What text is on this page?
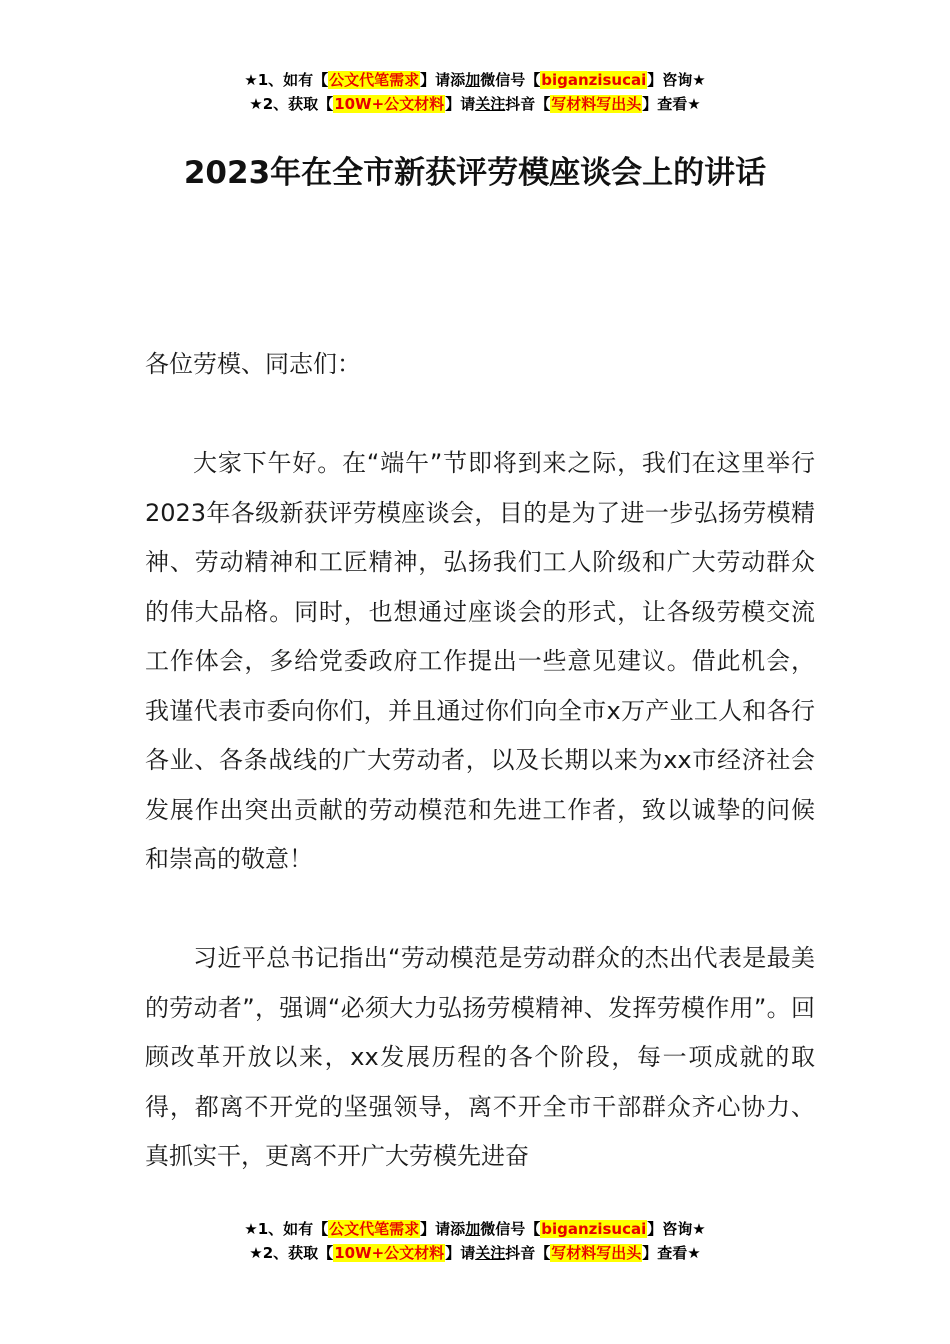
★1、如有【公文代笔需求】请添加微信号【biganzisucai】咨询★
★2、获取【10W+公文材料】请关注抖音【写材料写出头】查看★
2023年在全市新获评劳模座谈会上的讲话

各位劳模、同志们：

大家下午好。在“端午”节即将到来之际，我们在这里举行2023年各级新获评劳模座谈会，目的是为了进一步弘扬劳模精神、劳动精神和工匠精神，弘扬我们工人阶级和广大劳动群众的伟大品格。同时，也想通过座谈会的形式，让各级劳模交流工作体会，多给党委政府工作提出一些意见建议。借此机会，我谨代表市委向你们，并且通过你们向全市x万产业工人和各行各业、各条战线的广大劳动者，以及长期以来为xx市经济社会发展作出突出贡献的劳动模范和先进工作者，致以诚挚的问候和崇高的敬意！

习近平总书记指出“劳动模范是劳动群众的杰出代表是最美的劳动者”，强调“必须大力弘扬劳模精神、发挥劳模作用”。回顾改革开放以来，xx发展历程的各个阶段，每一项成就的取得，都离不开党的坚强领导，离不开全市干部群众齐心协力、真抓实干，更离不开广大劳模先进奋

★1、如有【公文代笔需求】请添加微信号【biganzisucai】咨询★
★2、获取【10W+公文材料】请关注抖音【写材料写出头】查看★
